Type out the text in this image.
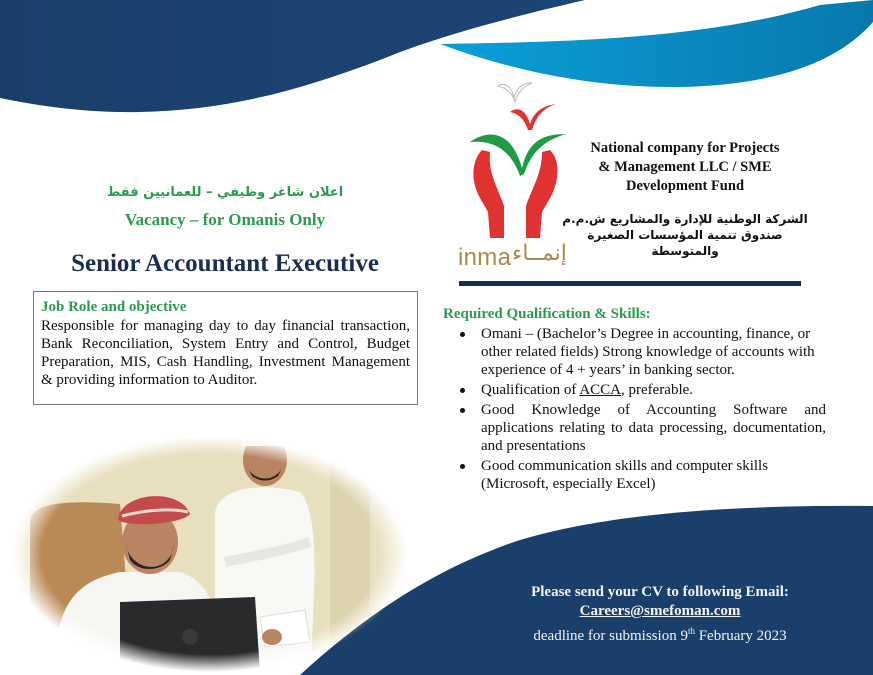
inma إنمــاء
National company for Projects
& Management LLC / SME
Development Fund
الشركة الوطنية للإدارة والمشاريع ش.م.م
صندوق تنمية المؤسسات الصغيرة
والمتوسطة
اعلان شاغر وظيفي – للعمانيين فقط
Vacancy – for Omanis Only
Senior Accountant Executive
Job Role and objective
Responsible for managing day to day financial transaction, Bank Reconciliation, System Entry and Control, Budget Preparation, MIS, Cash Handling, Investment Management & providing information to Auditor.
Required Qualification & Skills:
Omani – (Bachelor’s Degree in accounting, finance, or other related fields) Strong knowledge of accounts with experience of 4 + years’ in banking sector.
Qualification of ACCA, preferable.
Good Knowledge of Accounting Software and applications relating to data processing, documentation, and presentations
Good communication skills and computer skills (Microsoft, especially Excel)
Please send your CV to following Email:
Careers@smefoman.com
deadline for submission 9th February 2023
